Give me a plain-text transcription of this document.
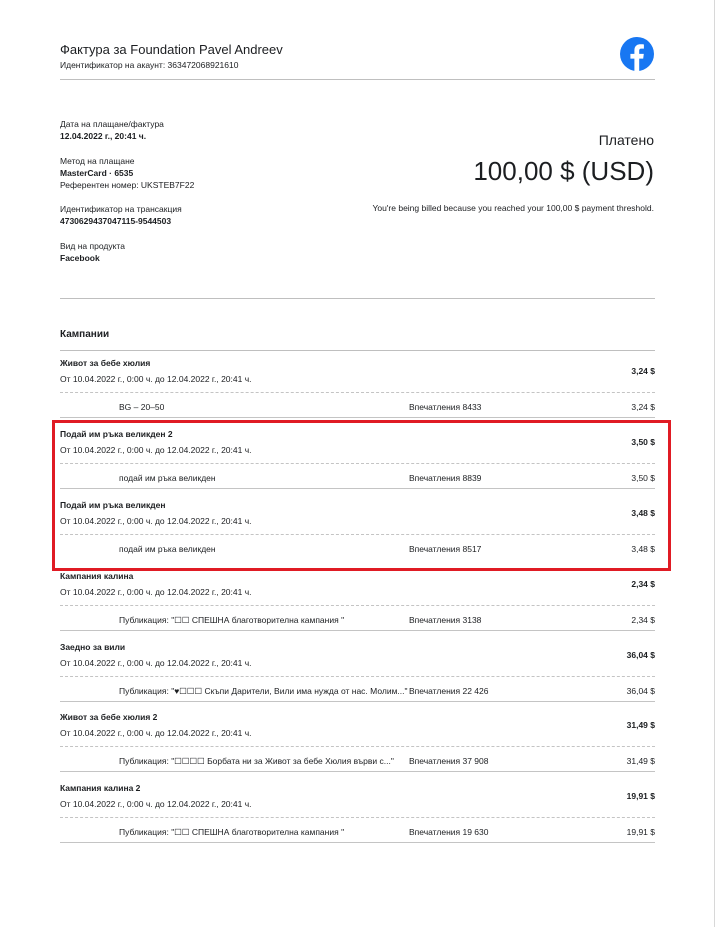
Фактура за Foundation Pavel Andreev
Идентификатор на акаунт: 363472068921610
Дата на плащане/фактура
12.04.2022 г., 20:41 ч.
Метод на плащане
MasterCard · 6535
Референтен номер: UKSTEB7F22
Идентификатор на трансакция
4730629437047115-9544503
Вид на продукта
Facebook
Платено
100,00 $ (USD)
You're being billed because you reached your 100,00 $ payment threshold.
Кампании
Живот за бебе хюлия
От 10.04.2022 г., 0:00 ч. до 12.04.2022 г., 20:41 ч.
3,24 $
BG – 20–50	Впечатления 8433	3,24 $
Подай им ръка великден 2
От 10.04.2022 г., 0:00 ч. до 12.04.2022 г., 20:41 ч.
3,50 $
подай им ръка великден	Впечатления 8839	3,50 $
Подай им ръка великден
От 10.04.2022 г., 0:00 ч. до 12.04.2022 г., 20:41 ч.
3,48 $
подай им ръка великден	Впечатления 8517	3,48 $
Кампания калина
От 10.04.2022 г., 0:00 ч. до 12.04.2022 г., 20:41 ч.
2,34 $
Публикация: "☐☐ СПЕШНА благотворителна кампания "	Впечатления 3138	2,34 $
Заедно за вили
От 10.04.2022 г., 0:00 ч. до 12.04.2022 г., 20:41 ч.
36,04 $
Публикация: "♥☐☐☐ Скъпи Дарители, Вили има нужда от нас. Молим..." Впечатления 22 426	36,04 $
Живот за бебе хюлия 2
От 10.04.2022 г., 0:00 ч. до 12.04.2022 г., 20:41 ч.
31,49 $
Публикация: "☐☐☐☐ Борбата ни за Живот за бебе Хюлия върви с..." Впечатления 37 908	31,49 $
Кампания калина 2
От 10.04.2022 г., 0:00 ч. до 12.04.2022 г., 20:41 ч.
19,91 $
Публикация: "☐☐ СПЕШНА благотворителна кампания "	Впечатления 19 630	19,91 $
